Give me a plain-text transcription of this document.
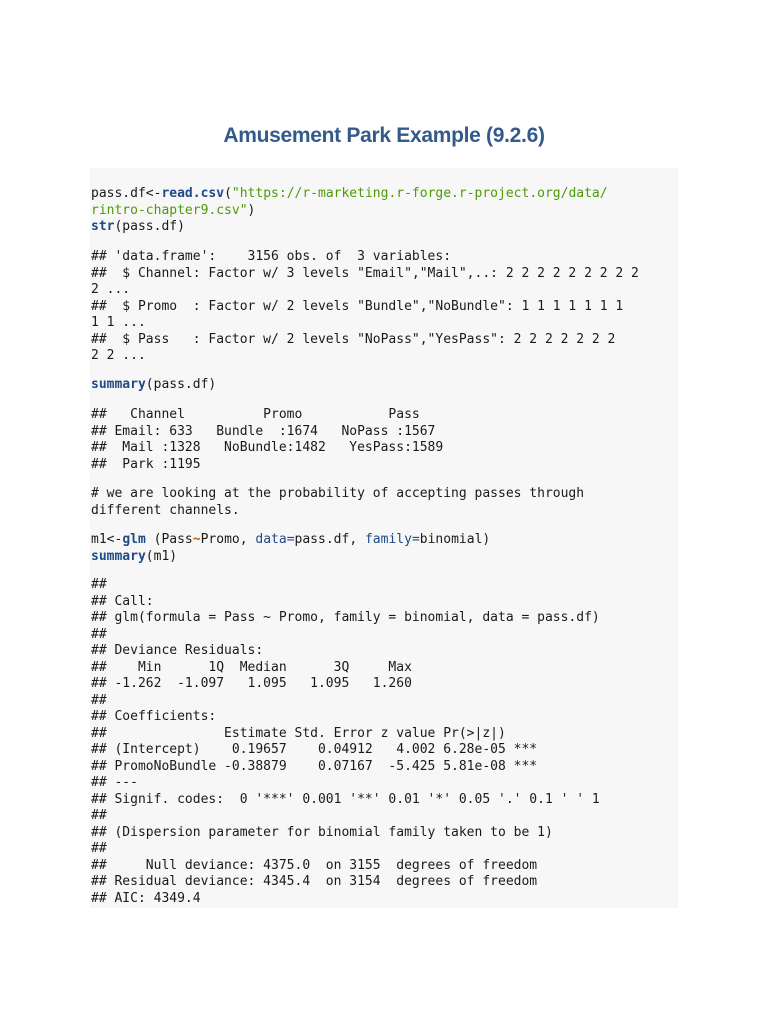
Amusement Park Example (9.2.6)
pass.df<-read.csv("https://r-marketing.r-forge.r-project.org/data/
rintro-chapter9.csv")
str(pass.df)
## 'data.frame':    3156 obs. of  3 variables:
##  $ Channel: Factor w/ 3 levels "Email","Mail",..: 2 2 2 2 2 2 2 2 2
2 ...
##  $ Promo  : Factor w/ 2 levels "Bundle","NoBundle": 1 1 1 1 1 1 1
1 1 ...
##  $ Pass   : Factor w/ 2 levels "NoPass","YesPass": 2 2 2 2 2 2 2
2 2 ...
summary(pass.df)
##   Channel          Promo           Pass
## Email: 633   Bundle  :1674   NoPass :1567
##  Mail :1328   NoBundle:1482   YesPass:1589
##  Park :1195
# we are looking at the probability of accepting passes through
different channels.
m1<-glm (Pass~Promo, data=pass.df, family=binomial)
summary(m1)
##
## Call:
## glm(formula = Pass ~ Promo, family = binomial, data = pass.df)
##
## Deviance Residuals:
##    Min      1Q  Median      3Q     Max
## -1.262  -1.097   1.095   1.095   1.260
##
## Coefficients:
##               Estimate Std. Error z value Pr(>|z|)
## (Intercept)    0.19657    0.04912   4.002 6.28e-05 ***
## PromoNoBundle -0.38879    0.07167  -5.425 5.81e-08 ***
## ---
## Signif. codes:  0 '***' 0.001 '**' 0.01 '*' 0.05 '.' 0.1 ' ' 1
##
## (Dispersion parameter for binomial family taken to be 1)
##
##     Null deviance: 4375.0  on 3155  degrees of freedom
## Residual deviance: 4345.4  on 3154  degrees of freedom
## AIC: 4349.4
